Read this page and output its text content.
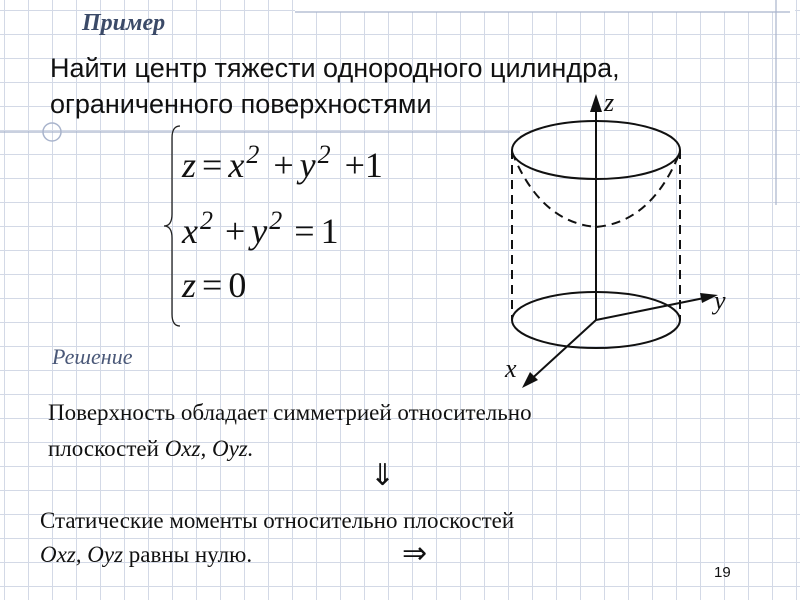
Пример
Найти центр тяжести однородного цилиндра,
ограниченного поверхностями
$z = x^2 + y^2 +1$
$x^2 + y^2 = 1$
z = 0
z
y
x
Решение
Поверхность обладает симметрией относительно
плоскостей Oxz, Oyz.
⇓
Статические моменты относительно плоскостей
Oxz, Oyz равны нулю.	⇒
19
